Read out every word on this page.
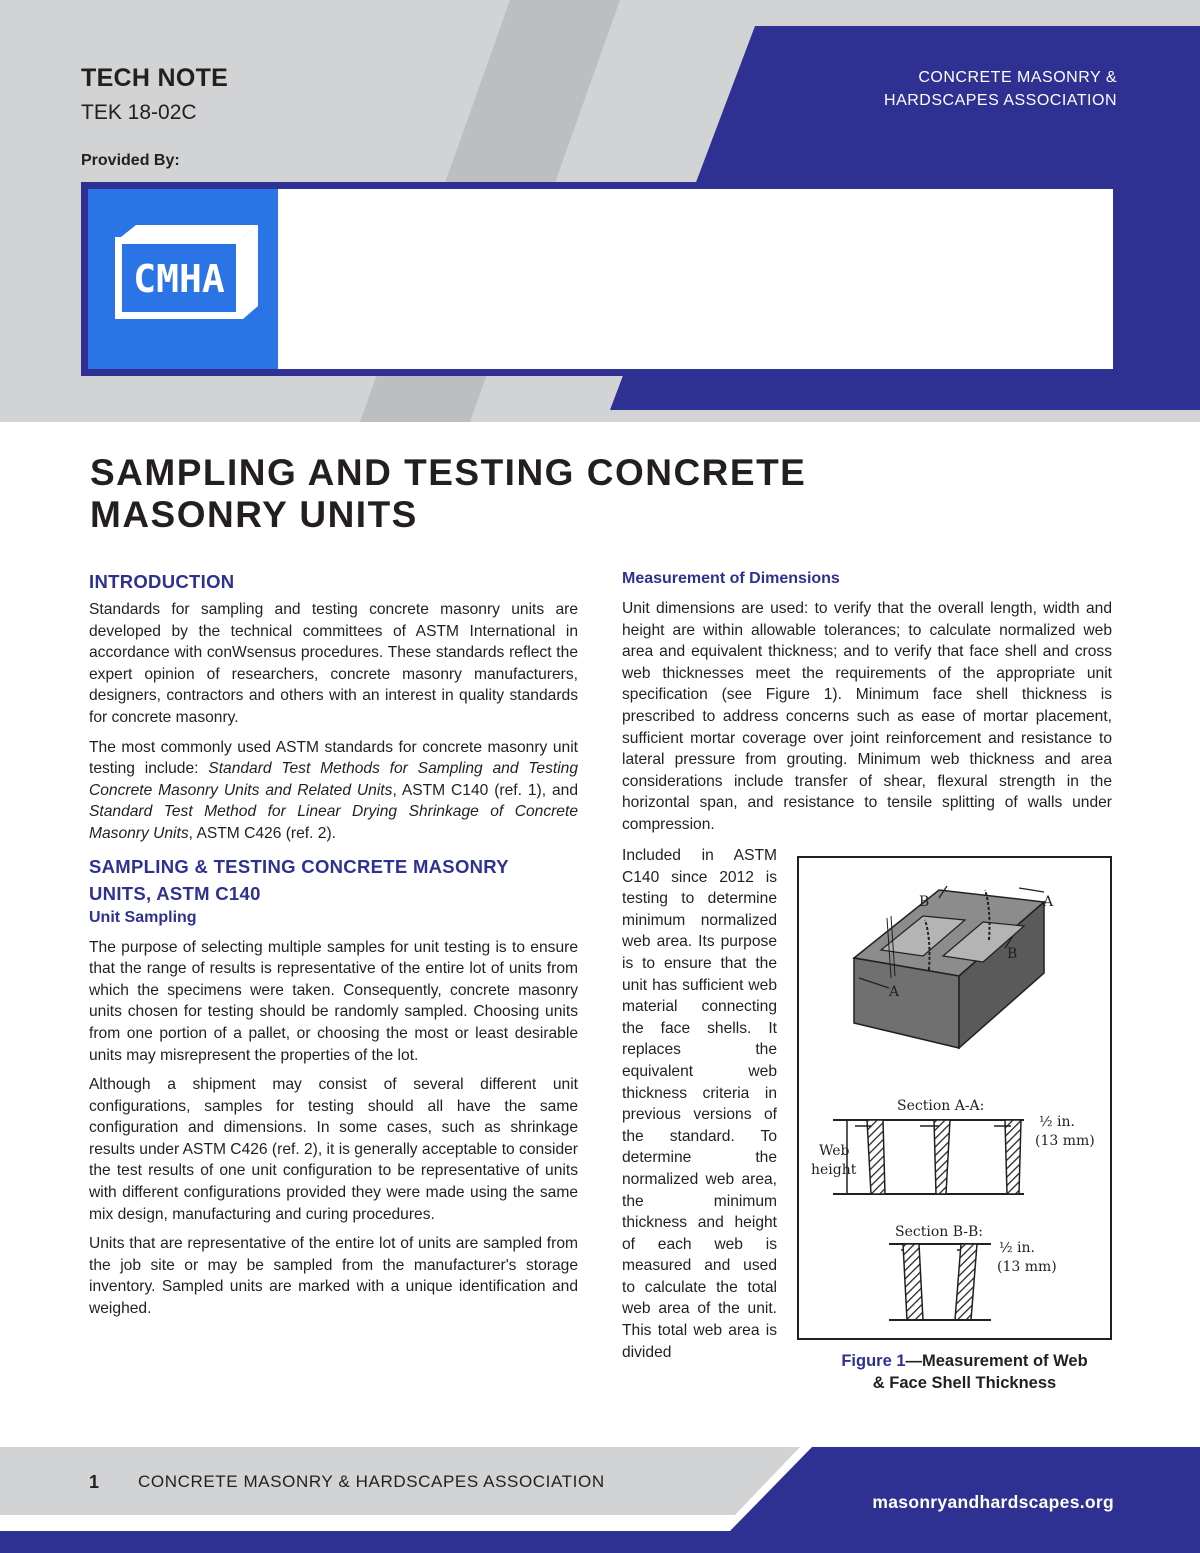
TECH NOTE
TEK 18-02C
Provided By:
CONCRETE MASONRY &
HARDSCAPES ASSOCIATION
CMHA
SAMPLING AND TESTING CONCRETE
MASONRY UNITS
INTRODUCTION

Standards for sampling and testing concrete masonry units are developed by the technical committees of ASTM International in accordance with conWsensus procedures. These standards reflect the expert opinion of researchers, concrete masonry manufacturers, designers, contractors and others with an interest in quality standards for concrete masonry.

The most commonly used ASTM standards for concrete masonry unit testing include: Standard Test Methods for Sampling and Testing Concrete Masonry Units and Related Units, ASTM C140 (ref. 1), and Standard Test Method for Linear Drying Shrinkage of Concrete Masonry Units, ASTM C426 (ref. 2).

SAMPLING & TESTING CONCRETE MASONRY
UNITS, ASTM C140
Unit Sampling

The purpose of selecting multiple samples for unit testing is to ensure that the range of results is representative of the entire lot of units from which the specimens were taken. Consequently, concrete masonry units chosen for testing should be randomly sampled. Choosing units from one portion of a pallet, or choosing the most or least desirable units may misrepresent the properties of the lot.

Although a shipment may consist of several different unit configurations, samples for testing should all have the same configuration and dimensions. In some cases, such as shrinkage results under ASTM C426 (ref. 2), it is generally acceptable to consider the test results of one unit configuration to be representative of units with different configurations provided they were made using the same mix design, manufacturing and curing procedures.

Units that are representative of the entire lot of units are sampled from the job site or may be sampled from the manufacturer's storage inventory. Sampled units are marked with a unique identification and weighed.

Measurement of Dimensions

Unit dimensions are used: to verify that the overall length, width and height are within allowable tolerances; to calculate normalized web area and equivalent thickness; and to verify that face shell and cross web thicknesses meet the requirements of the appropriate unit specification (see Figure 1). Minimum face shell thickness is prescribed to address concerns such as ease of mortar placement, sufficient mortar coverage over joint reinforcement and resistance to lateral pressure from grouting. Minimum web thickness and area considerations include transfer of shear, flexural strength in the horizontal span, and resistance to tensile splitting of walls under compression.

Included in ASTM C140 since 2012 is testing to determine minimum normalized web area. Its purpose is to ensure that the unit has sufficient web material connecting the face shells. It replaces the equivalent web thickness criteria in previous versions of the standard. To determine the normalized web area, the minimum thickness and height of each web is measured and used to calculate the total web area of the unit. This total web area is divided
B	A
B
A
Section A-A:
Web
height
½ in.
(13 mm)
Section B-B:
½ in.
(13 mm)
Figure 1—Measurement of Web
& Face Shell Thickness
1 CONCRETE MASONRY & HARDSCAPES ASSOCIATION
masonryandhardscapes.org
